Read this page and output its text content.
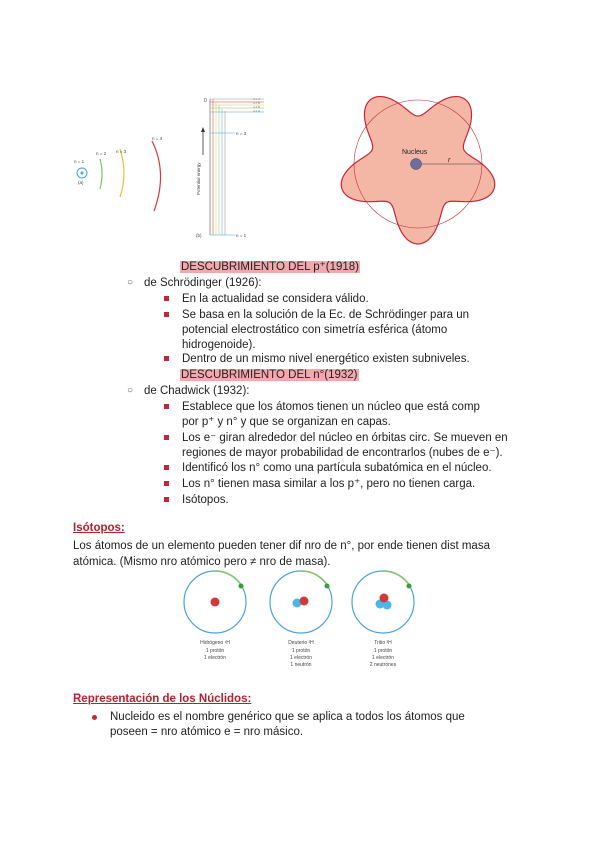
n = 1
n = 2 n = 3
n = 4
(a)	Potential energy
0	n = ∞
n = 6
n = 5
n = 4
n = 3
n = 1
(b)
Nucleus
r
DESCUBRIMIENTO DEL p⁺(1918)
○ de Schrödinger (1926):
En la actualidad se considera válido.
Se basa en la solución de la Ec. de Schrödinger para un
potencial electrostático con simetría esférica (átomo
hidrogenoide).
Dentro de un mismo nivel energético existen subniveles.
DESCUBRIMIENTO DEL n°(1932)
○ de Chadwick (1932):
Establece que los átomos tienen un núcleo que está comp
por p⁺ y n° y que se organizan en capas.
Los e⁻ giran alrededor del núcleo en órbitas circ. Se mueven en
regiones de mayor probabilidad de encontrarlos (nubes de e⁻).
Identificó los n° como una partícula subatómica en el núcleo.
Los n° tienen masa similar a los p⁺, pero no tienen carga.
Isótopos.
Isótopos:
Los átomos de un elemento pueden tener dif nro de n°, por ende tienen dist masa
atómica. (Mismo nro atómico pero ≠ nro de masa).
Hidrógeno ¹H
1 protón
1 electrón
Deuterio ²H
1 protón
1 electrón
1 neutrón
Tritio ³H
1 protón
1 electrón
2 neutrones
Representación de los Núclidos:
Nucleido es el nombre genérico que se aplica a todos los átomos que
poseen = nro atómico e = nro másico.
